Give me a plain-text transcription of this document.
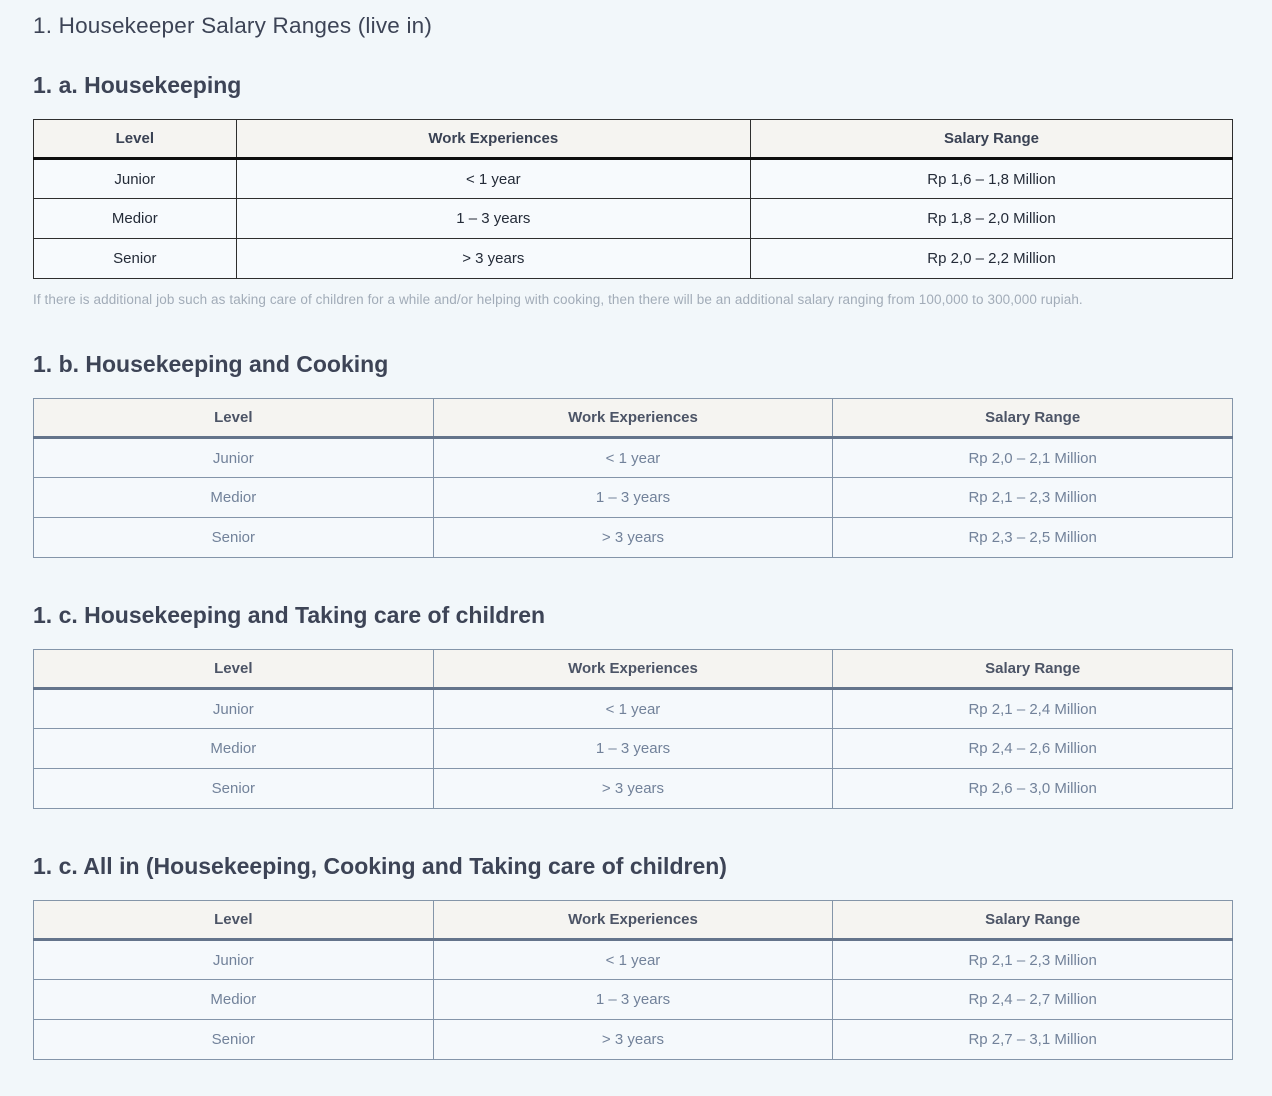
1. Housekeeper Salary Ranges (live in)
1. a. Housekeeping
Level	Work Experiences	Salary Range
Junior	< 1 year	Rp 1,6 – 1,8 Million
Medior	1 – 3 years	Rp 1,8 – 2,0 Million
Senior	> 3 years	Rp 2,0 – 2,2 Million

If there is additional job such as taking care of children for a while and/or helping with cooking, then there will be an additional salary ranging from 100,000 to 300,000 rupiah.

1. b. Housekeeping and Cooking
Level	Work Experiences	Salary Range
Junior	< 1 year	Rp 2,0 – 2,1 Million
Medior	1 – 3 years	Rp 2,1 – 2,3 Million
Senior	> 3 years	Rp 2,3 – 2,5 Million
1. c. Housekeeping and Taking care of children
Level	Work Experiences	Salary Range
Junior	< 1 year	Rp 2,1 – 2,4 Million
Medior	1 – 3 years	Rp 2,4 – 2,6 Million
Senior	> 3 years	Rp 2,6 – 3,0 Million
1. c. All in (Housekeeping, Cooking and Taking care of children)
Level	Work Experiences	Salary Range
Junior	< 1 year	Rp 2,1 – 2,3 Million
Medior	1 – 3 years	Rp 2,4 – 2,7 Million
Senior	> 3 years	Rp 2,7 – 3,1 Million
